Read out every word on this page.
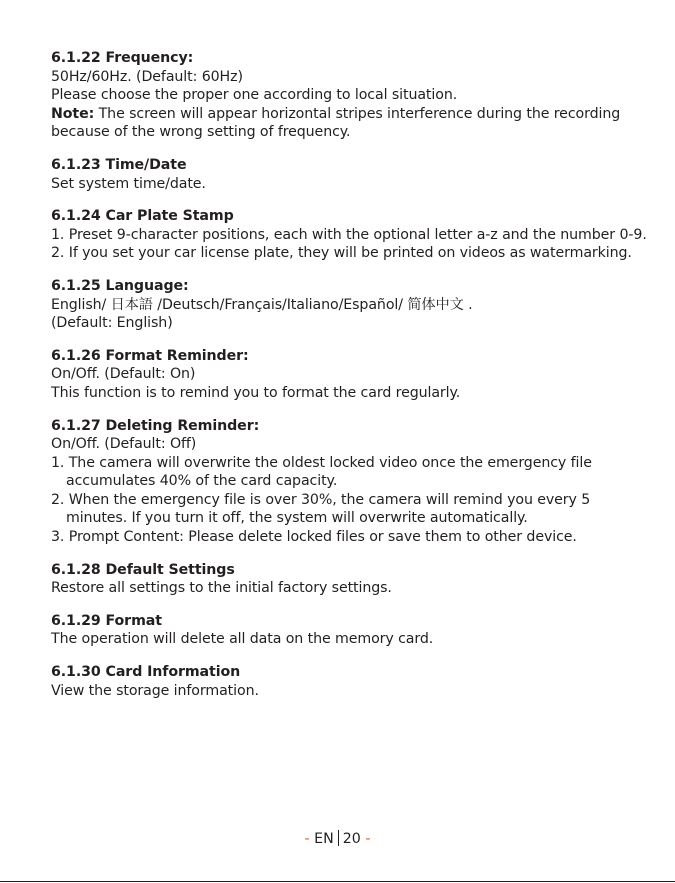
6.1.22 Frequency:

50Hz/60Hz. (Default: 60Hz)

Please choose the proper one according to local situation.

Note: The screen will appear horizontal stripes interference during the recording because of the wrong setting of frequency.

6.1.23 Time/Date

Set system time/date.

6.1.24 Car Plate Stamp

1. Preset 9-character positions, each with the optional letter a-z and the number 0-9.

2. If you set your car license plate, they will be printed on videos as watermarking.

6.1.25 Language:

English/ 日本語 /Deutsch/Français/Italiano/Español/ 简体中文 .

(Default: English)

6.1.26 Format Reminder:

On/Off. (Default: On)

This function is to remind you to format the card regularly.

6.1.27 Deleting Reminder:

On/Off. (Default: Off)

1. The camera will overwrite the oldest locked video once the emergency file accumulates 40% of the card capacity.

2. When the emergency file is over 30%, the camera will remind you every 5 minutes. If you turn it off, the system will overwrite automatically.

3. Prompt Content: Please delete locked files or save them to other device.

6.1.28 Default Settings

Restore all settings to the initial factory settings.

6.1.29 Format

The operation will delete all data on the memory card.

6.1.30 Card Information

View the storage information.

- EN 20 -
